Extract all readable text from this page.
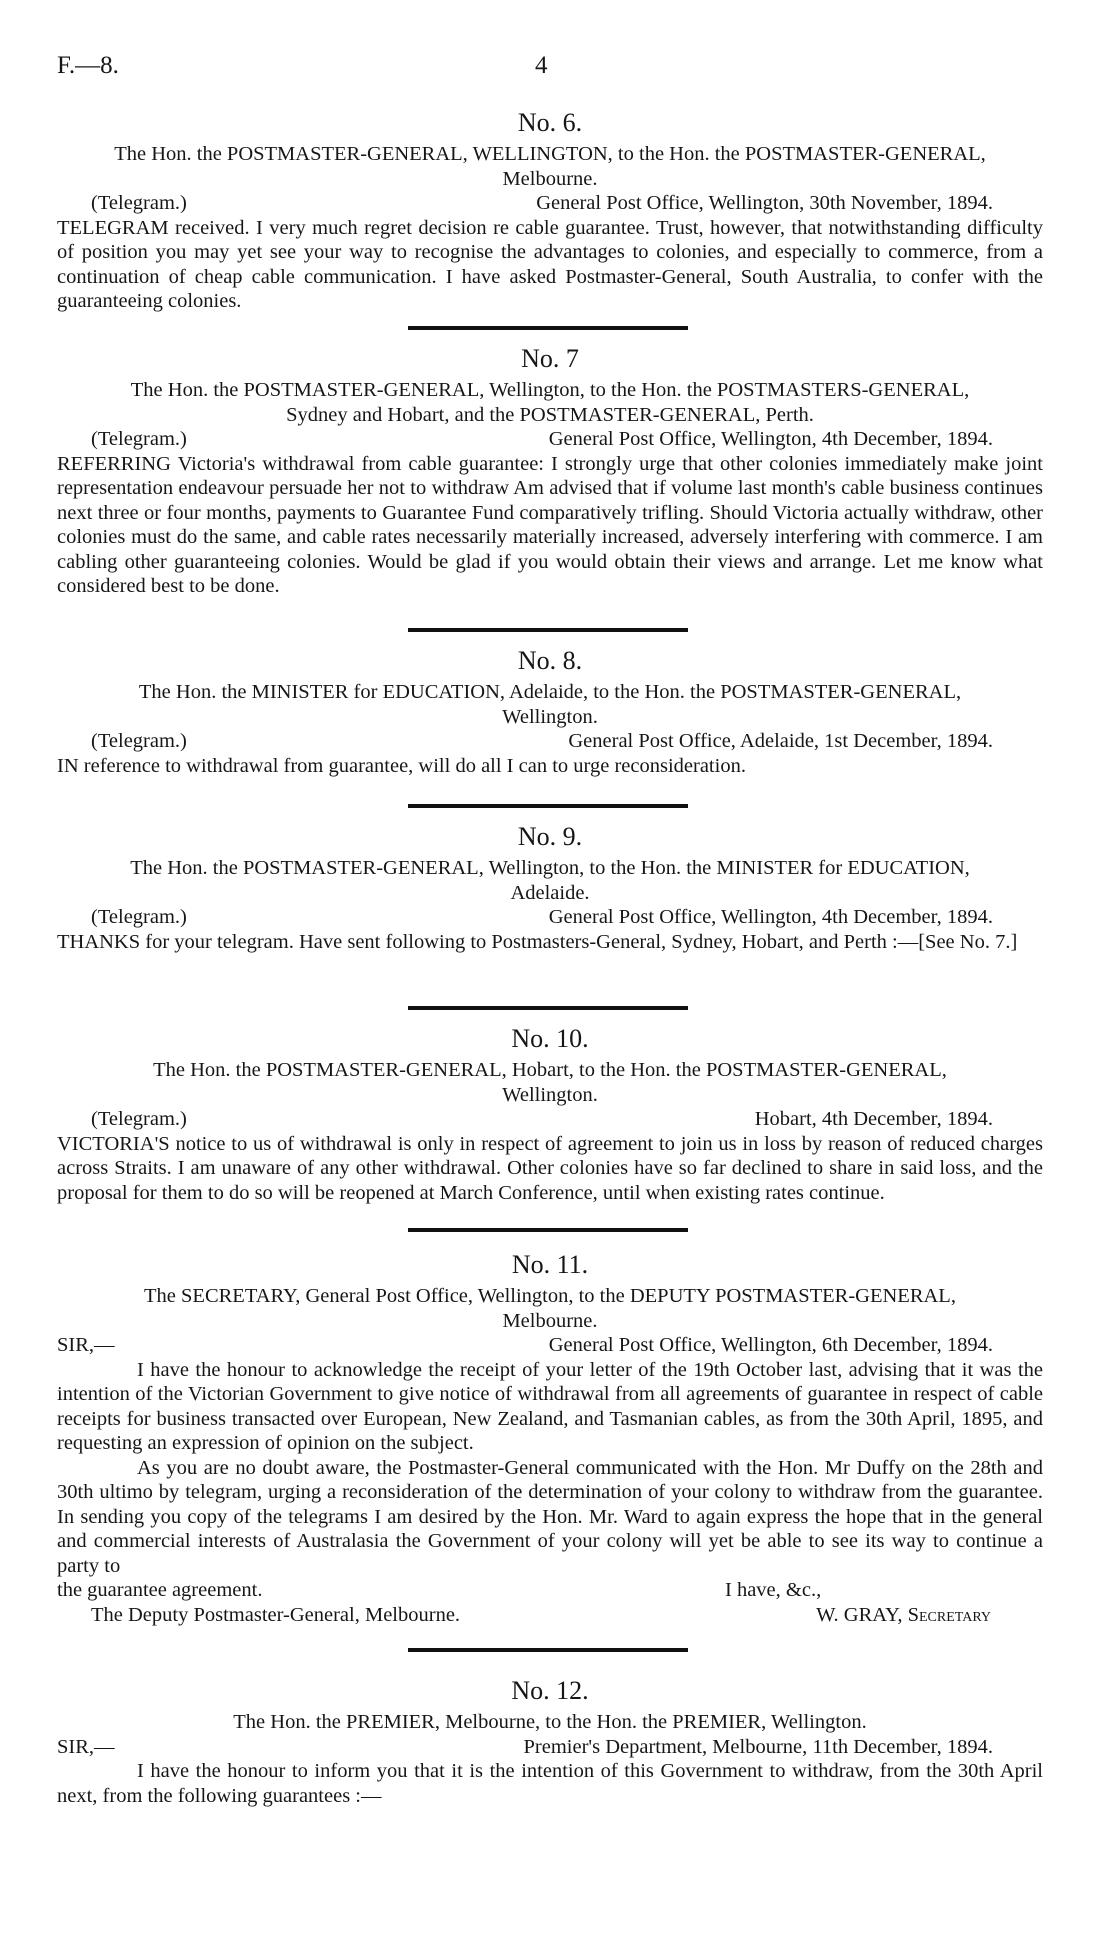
F.—8.	4
No. 6.
The Hon. the POSTMASTER-GENERAL, WELLINGTON, to the Hon. the POSTMASTER-GENERAL,
Melbourne.
(Telegram.)	General Post Office, Wellington, 30th November, 1894.
TELEGRAM received. I very much regret decision re cable guarantee. Trust, however, that notwithstanding difficulty of position you may yet see your way to recognise the advantages to colonies, and especially to commerce, from a continuation of cheap cable communication. I have asked Postmaster-General, South Australia, to confer with the guaranteeing colonies.
No. 7
The Hon. the POSTMASTER-GENERAL, Wellington, to the Hon. the POSTMASTERS-GENERAL,
Sydney and Hobart, and the POSTMASTER-GENERAL, Perth.
(Telegram.)	General Post Office, Wellington, 4th December, 1894.
REFERRING Victoria's withdrawal from cable guarantee: I strongly urge that other colonies immediately make joint representation endeavour persuade her not to withdraw Am advised that if volume last month's cable business continues next three or four months, payments to Guarantee Fund comparatively trifling. Should Victoria actually withdraw, other colonies must do the same, and cable rates necessarily materially increased, adversely interfering with commerce. I am cabling other guaranteeing colonies. Would be glad if you would obtain their views and arrange. Let me know what considered best to be done.
No. 8.
The Hon. the MINISTER for EDUCATION, Adelaide, to the Hon. the POSTMASTER-GENERAL,
Wellington.
(Telegram.)	General Post Office, Adelaide, 1st December, 1894.
IN reference to withdrawal from guarantee, will do all I can to urge reconsideration.
No. 9.
The Hon. the POSTMASTER-GENERAL, Wellington, to the Hon. the MINISTER for EDUCATION,
Adelaide.
(Telegram.)	General Post Office, Wellington, 4th December, 1894.
THANKS for your telegram. Have sent following to Postmasters-General, Sydney, Hobart, and Perth :—[See No. 7.]
No. 10.
The Hon. the POSTMASTER-GENERAL, Hobart, to the Hon. the POSTMASTER-GENERAL,
Wellington.
(Telegram.)	Hobart, 4th December, 1894.
VICTORIA'S notice to us of withdrawal is only in respect of agreement to join us in loss by reason of reduced charges across Straits. I am unaware of any other withdrawal. Other colonies have so far declined to share in said loss, and the proposal for them to do so will be reopened at March Conference, until when existing rates continue.
No. 11.
The SECRETARY, General Post Office, Wellington, to the DEPUTY POSTMASTER-GENERAL,
Melbourne.
SIR,—	General Post Office, Wellington, 6th December, 1894.
I have the honour to acknowledge the receipt of your letter of the 19th October last, advising that it was the intention of the Victorian Government to give notice of withdrawal from all agreements of guarantee in respect of cable receipts for business transacted over European, New Zealand, and Tasmanian cables, as from the 30th April, 1895, and requesting an expression of opinion on the subject.
As you are no doubt aware, the Postmaster-General communicated with the Hon. Mr Duffy on the 28th and 30th ultimo by telegram, urging a reconsideration of the determination of your colony to withdraw from the guarantee. In sending you copy of the telegrams I am desired by the Hon. Mr. Ward to again express the hope that in the general and commercial interests of Australasia the Government of your colony will yet be able to see its way to continue a party to
the guarantee agreement.	I have, &c.,
The Deputy Postmaster-General, Melbourne.	W. GRAY, Secretary
No. 12.
The Hon. the PREMIER, Melbourne, to the Hon. the PREMIER, Wellington.
SIR,—	Premier's Department, Melbourne, 11th December, 1894.
I have the honour to inform you that it is the intention of this Government to withdraw, from the 30th April next, from the following guarantees :—
